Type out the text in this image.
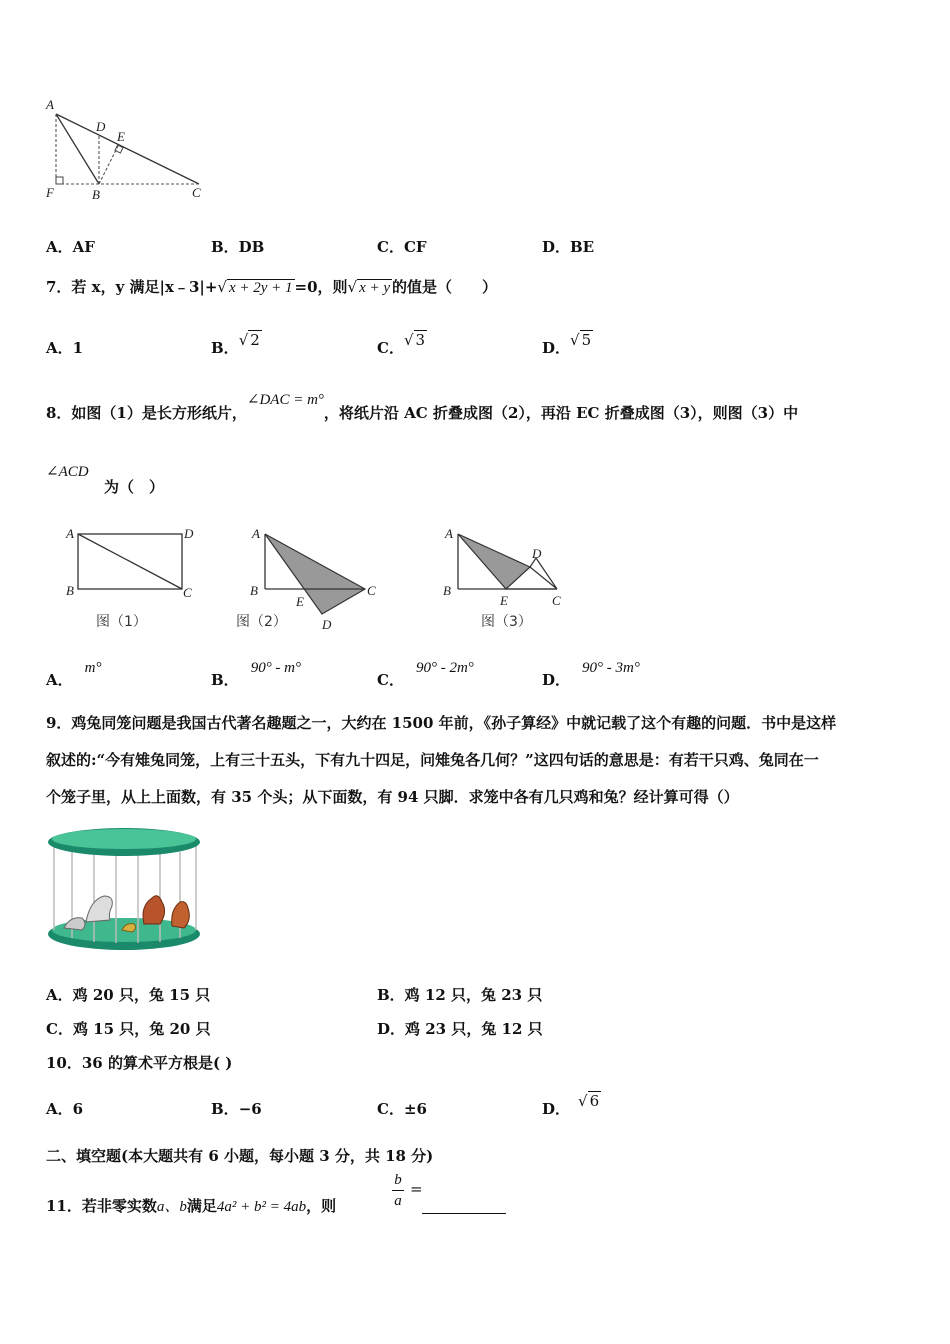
A
D
E
F	B	C
A．AF	B．DB	C．CF	D．BE
7．若 x，y 满足|x﹣3|+√ x + 2y + 1 =0，则√ x + y 的值是（　　）
A．1	B．√ 2	C．√ 3	D．√ 5
8．如图（1）是长方形纸片，∠DAC = m°，将纸片沿 AC 折叠成图（2），再沿 EC 折叠成图（3），则图（3）中
∠ACD
为（　）
A	D
B	C
图（1）
A
B
E
C
D
图（2）
A
D
B
E	C
图（3）
A．m°
B．90° - m°
C．90° - 2m°
D．90° - 3m°
9．鸡兔同笼问题是我国古代著名趣题之一，大约在 1500 年前，《孙子算经》中就记载了这个有趣的问题．书中是这样
叙述的:“今有雉兔同笼，上有三十五头，下有九十四足，问雉兔各几何？”这四句话的意思是：有若干只鸡、兔同在一
个笼子里，从上上面数，有 35 个头；从下面数，有 94 只脚．求笼中各有几只鸡和兔？经计算可得（）
A．鸡 20 只，兔 15 只	B．鸡 12 只，兔 23 只
C．鸡 15 只，兔 20 只	D．鸡 23 只，兔 12 只
10．36 的算术平方根是( )
A．6	B．−6	C．±6	D． √ 6
二、填空题(本大题共有 6 小题，每小题 3 分，共 18 分)
11．若非零实数a、b满足4a² + b² = 4ab，则	$\frac{b}{a}$ =
